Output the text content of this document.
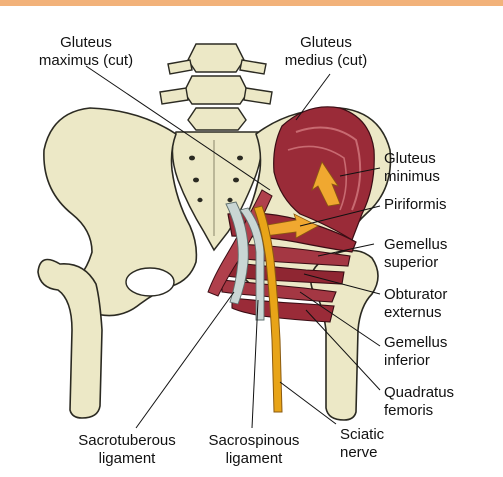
Gluteus
maximus (cut)
Gluteus
medius (cut)
Gluteus
minimus
Piriformis
Gemellus
superior
Obturator
externus
Gemellus
inferior
Quadratus
femoris
Sacrotuberous
ligament
Sacrospinous
ligament
Sciatic
nerve
